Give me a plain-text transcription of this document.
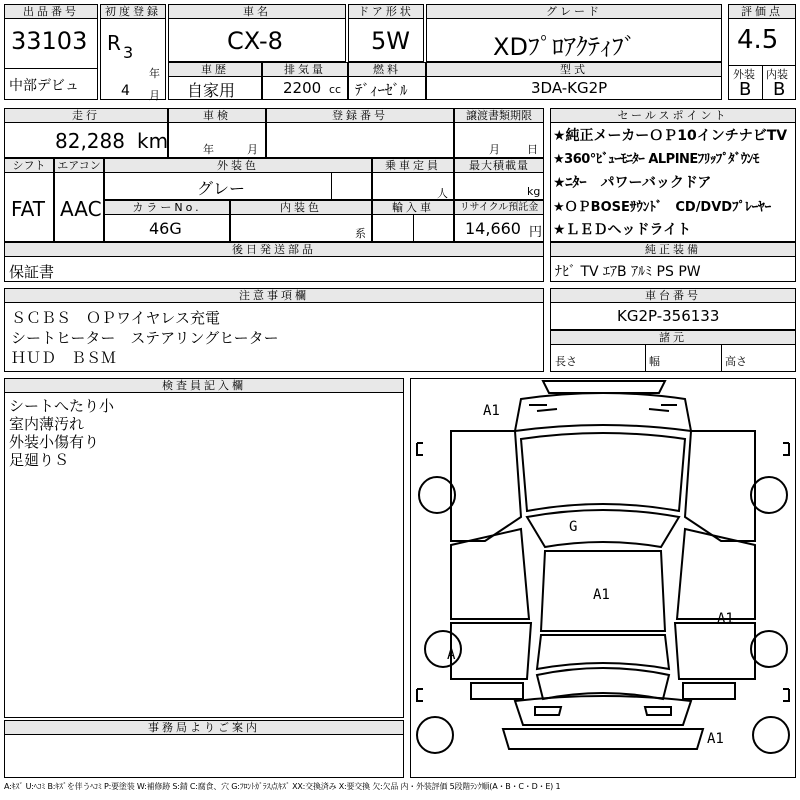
出品番号
33103
中部デビュ
初度登録
R 3
年
4 月
車名
CX-8
ドア形状
5W
グレード
XDﾌﾟﾛｱｸﾃｨﾌﾞ
評価点
4.5
外装 内装
B B
車歴
自家用
排気量
2200 cc
燃料
ﾃﾞｨｰｾﾞﾙ
型式
3DA-KG2P
走行
82,288 km
車検
年	月
登録番号	譲渡書類期限
月 日
シフト
FAT
エアコン
AAC
外装色
グレー
乗車定員
人
最大積載量
kg
カラーNo.
46G
内装色
系
輸入車	リサイクル預託金
14,660 円
後日発送部品
保証書
セールスポイント
★純正メーカーＯＰ10インチナビTV
★360°ﾋﾞｭｰﾓﾆﾀｰ ALPINEﾌﾘｯﾌﾟﾀﾞｳﾝﾓ
★ﾆﾀｰ　パワーバックドア
★ＯＰBOSEｻｳﾝﾄﾞ　CD/DVDﾌﾟﾚｰﾔｰ
★ＬＥＤヘッドライト
純正装備
ﾅﾋﾞ TV ｴｱB ｱﾙﾐ PS PW
注意事項欄
ＳＣＢＳ　ＯＰワイヤレス充電
シートヒーター　ステアリングヒーター
ＨＵＤ　ＢＳＭ
車台番号
KG2P-356133
諸元
長さ	幅	高さ
検査員記入欄
シートへたり小
室内薄汚れ
外装小傷有り
足廻りＳ
事務局よりご案内
A1
G
A1
A1
A
A1
A:ｷｽﾞ U:ﾍｺﾐ B:ｷｽﾞを伴うﾍｺﾐ P:要塗装 W:補修跡 S:錆 C:腐食、穴 G:ﾌﾛﾝﾄｶﾞﾗｽ点ｷｽﾞ XX:交換済み X:要交換 欠:欠品 内・外装評価 5段階ﾗﾝｸ順(A・B・C・D・E) 1
